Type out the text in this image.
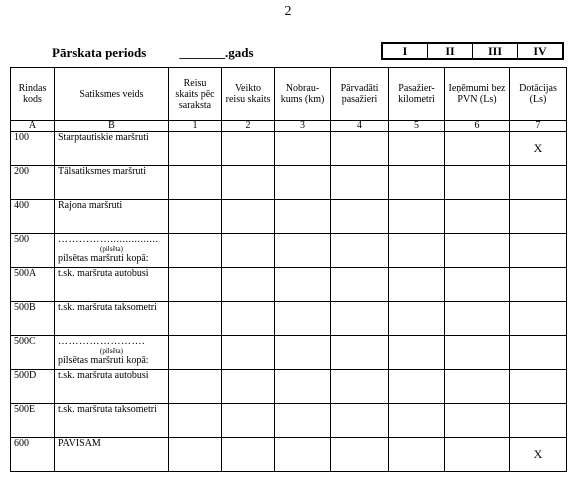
2
Pārskata periods	_______.gads	I	II	III	IV
Rindas kods	Satiksmes veids	Reisu skaits pēc saraksta	Veikto reisu skaits	Nobrau-kums (km)	Pārvadāti pasažieri	Pasažier-kilometri	Ieņēmumi bez PVN (Ls)	Dotācijas (Ls)
A	B	1	2	3	4	5	6	7
100	Starptautiskie maršruti							X
200	Tālsatiksmes maršruti							
400	Rajona maršruti							
500	……………................
(pilsēta)
pilsētas maršruti kopā:							
500A	t.sk. maršruta autobusi							
500B	t.sk. maršruta taksometri							
500C	…………………….
(pilsēta)
pilsētas maršruti kopā:							
500D	t.sk. maršruta autobusi							
500E	t.sk. maršruta taksometri							
600	PAVISAM							X
